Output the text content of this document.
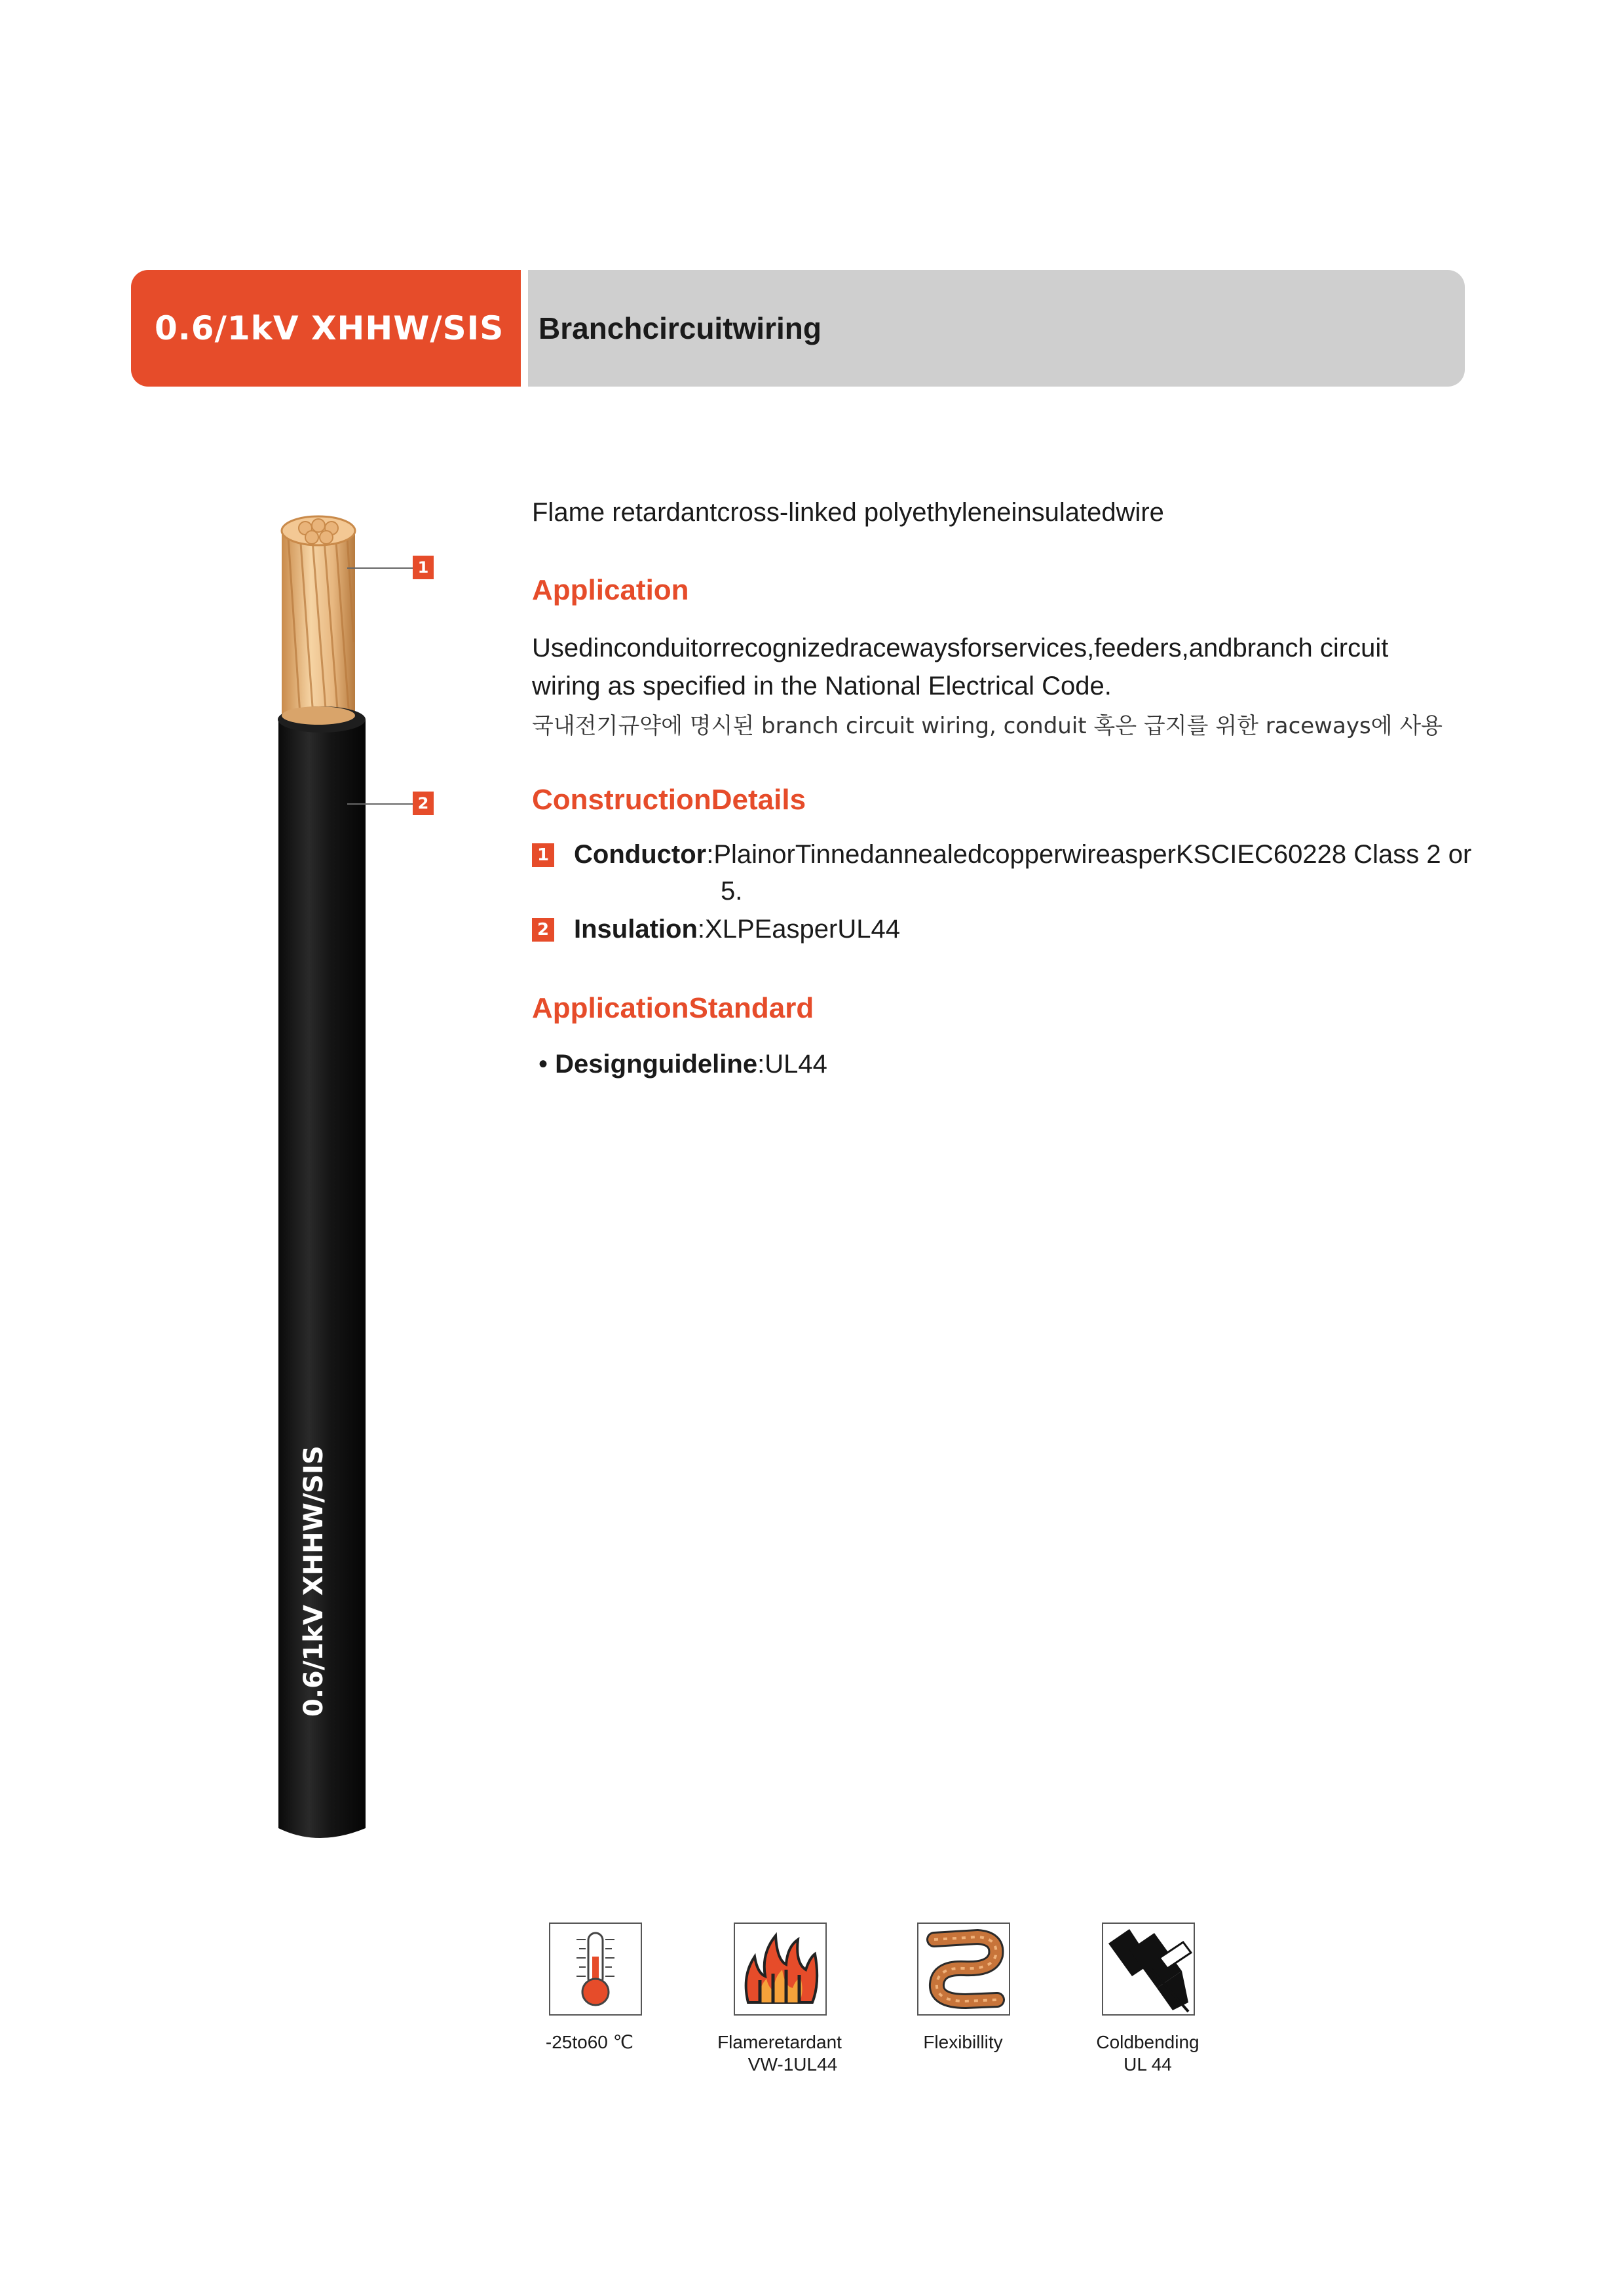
0.6/1kV XHHW/SIS Branchcircuitwiring
0.6/1kV XHHW/SIS
1
2
Flame retardantcross-linked polyethyleneinsulatedwire
Application
Usedinconduitorrecognizedracewaysforservices,feeders,andbranch circuit
wiring as specified in the National Electrical Code.
국내전기규약에 명시된 branch circuit wiring, conduit 혹은 급지를 위한 raceways에 사용
ConstructionDetails
1 Conductor:PlainorTinnedannealedcopperwireasperKSCIEC60228 Class 2 or
5.
2 Insulation:XLPEasperUL44
ApplicationStandard
• Designguideline:UL44
-25to60 ℃	Flameretardant
VW-1UL44
Flexibillity	Coldbending
UL 44
